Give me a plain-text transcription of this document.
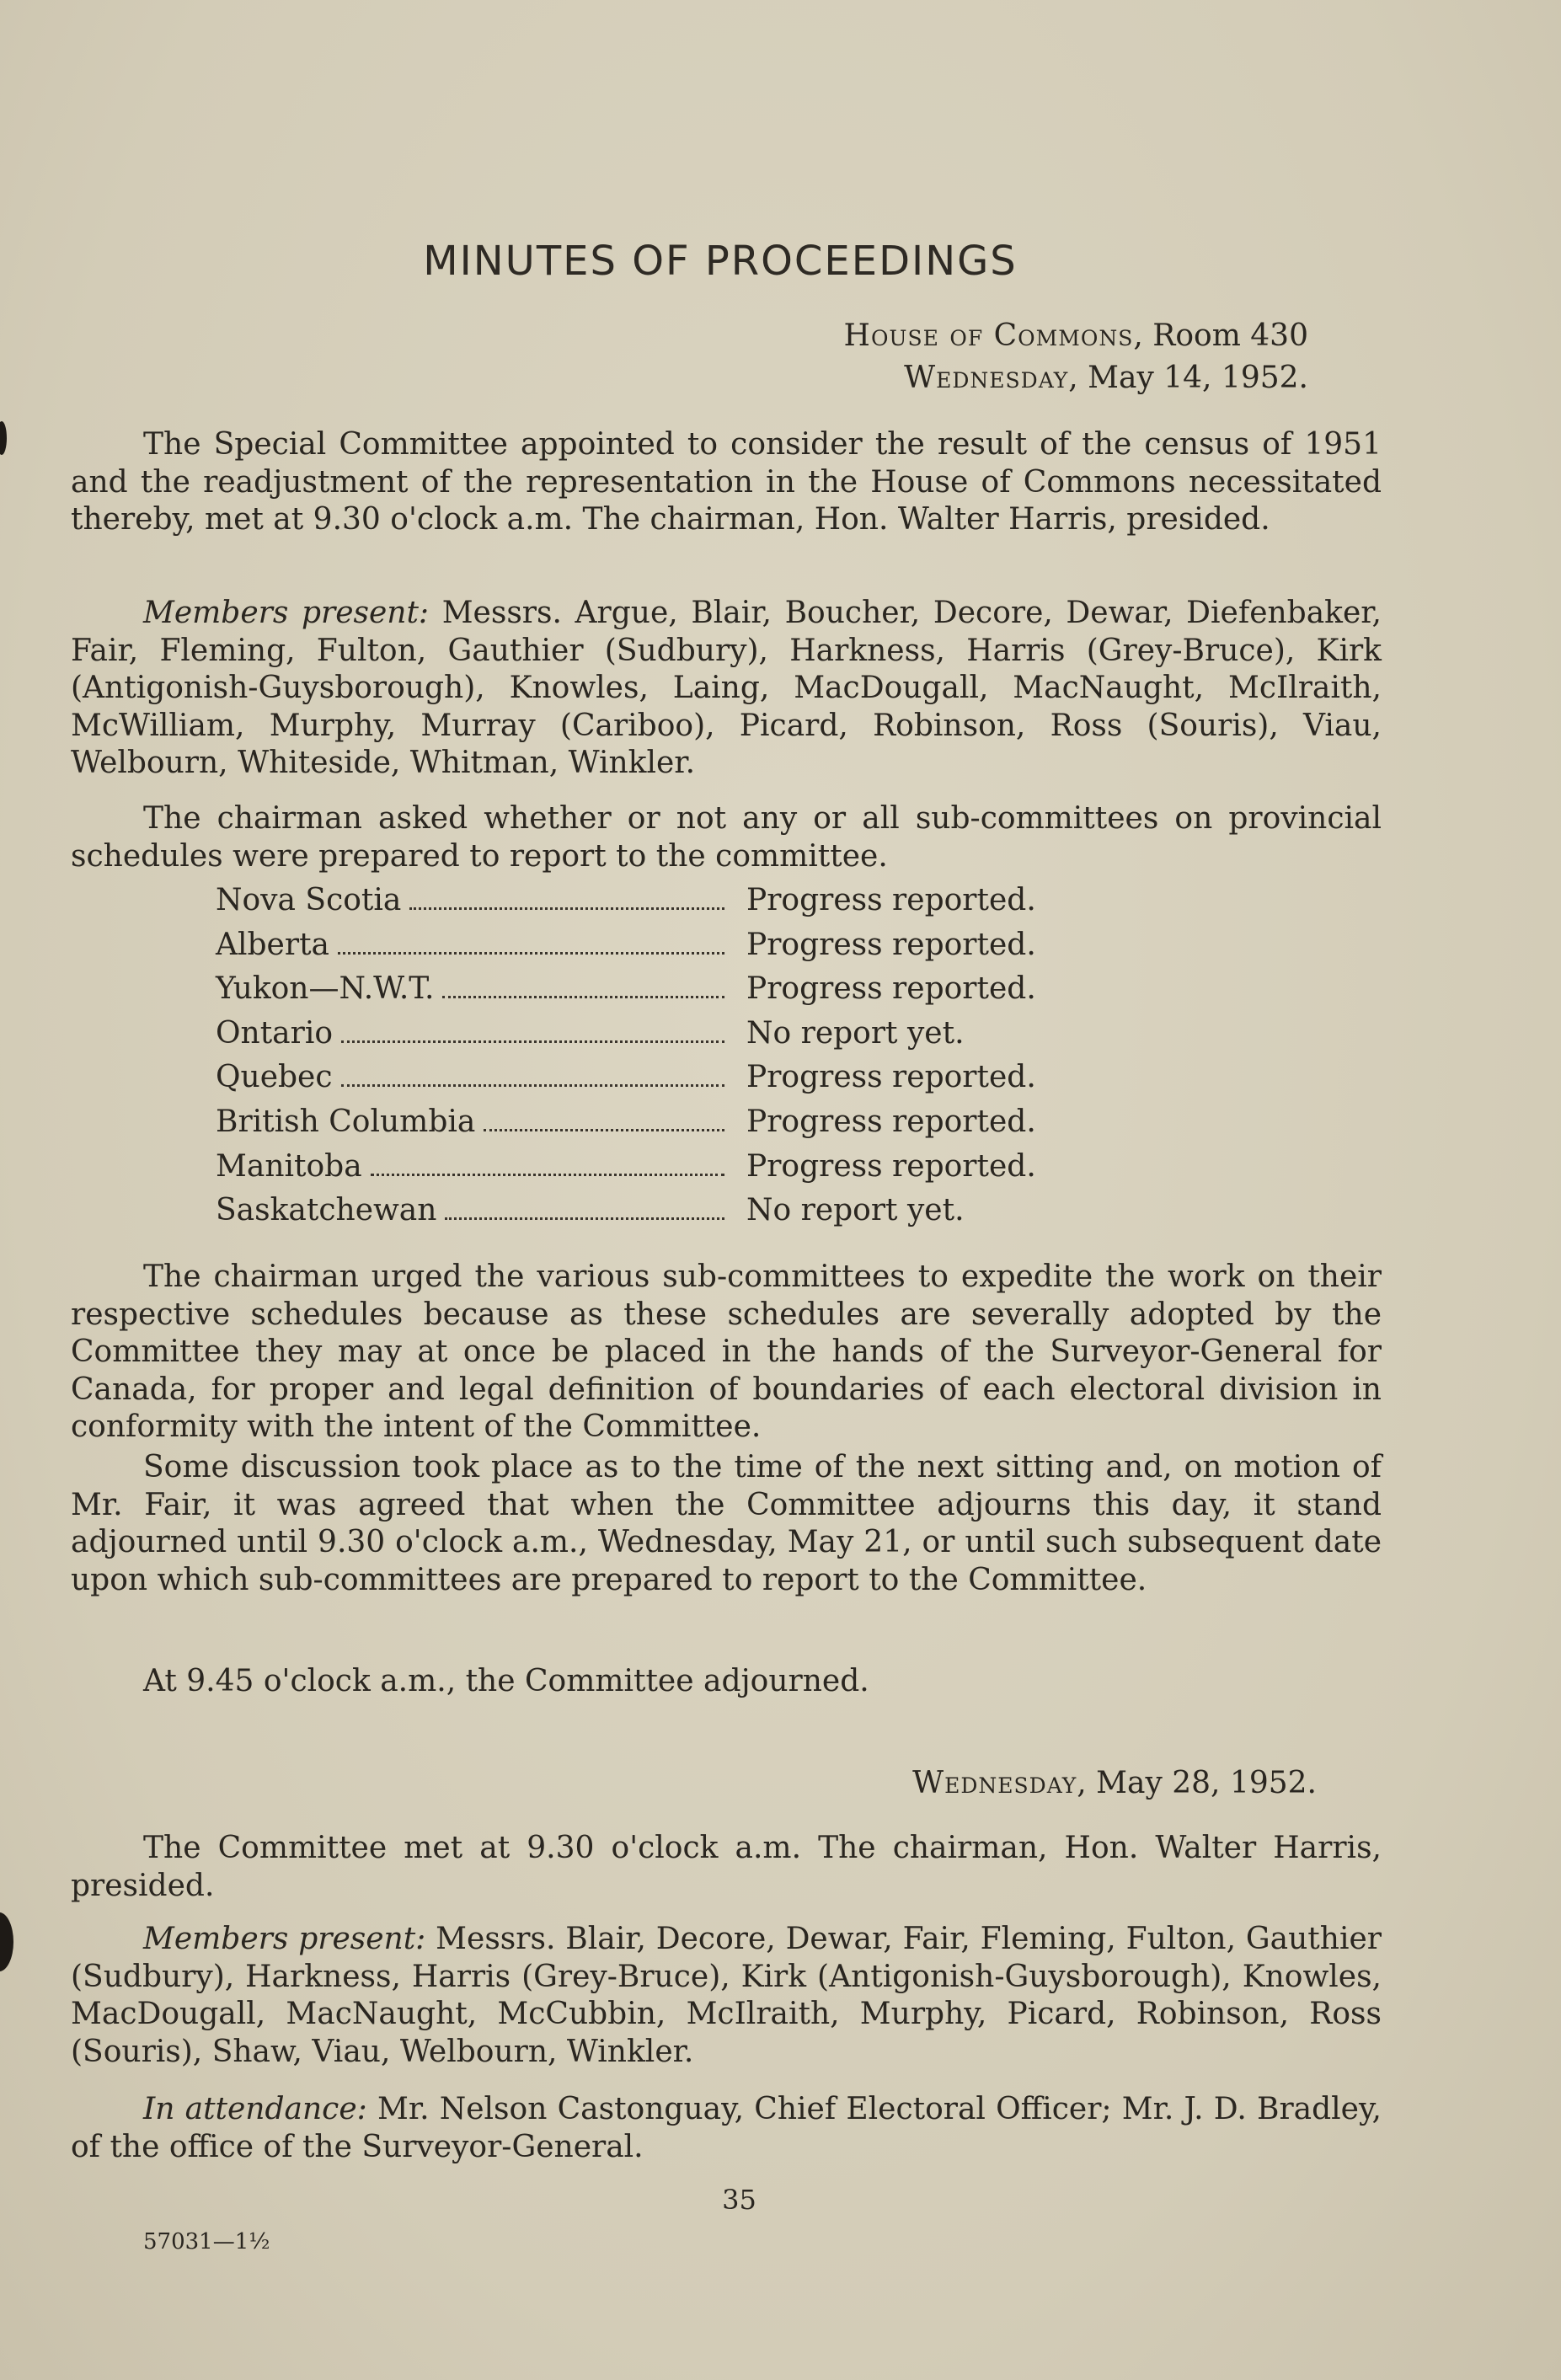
MINUTES OF PROCEEDINGS
House of Commons, Room 430
Wednesday, May 14, 1952.

The Special Committee appointed to consider the result of the census of 1951 and the readjustment of the representation in the House of Commons necessitated thereby, met at 9.30 o'clock a.m. The chairman, Hon. Walter Harris, presided.

Members present: Messrs. Argue, Blair, Boucher, Decore, Dewar, Diefenbaker, Fair, Fleming, Fulton, Gauthier (Sudbury), Harkness, Harris (Grey-Bruce), Kirk (Antigonish-Guysborough), Knowles, Laing, MacDougall, MacNaught, McIlraith, McWilliam, Murphy, Murray (Cariboo), Picard, Robinson, Ross (Souris), Viau, Welbourn, Whiteside, Whitman, Winkler.

The chairman asked whether or not any or all sub-committees on provincial schedules were prepared to report to the committee.

Nova Scotia	Progress reported.
Alberta	Progress reported.
Yukon—N.W.T.	Progress reported.
Ontario	No report yet.
Quebec	Progress reported.
British Columbia	Progress reported.
Manitoba	Progress reported.
Saskatchewan	No report yet.

The chairman urged the various sub-committees to expedite the work on their respective schedules because as these schedules are severally adopted by the Committee they may at once be placed in the hands of the Surveyor-General for Canada, for proper and legal definition of boundaries of each electoral division in conformity with the intent of the Committee.

Some discussion took place as to the time of the next sitting and, on motion of Mr. Fair, it was agreed that when the Committee adjourns this day, it stand adjourned until 9.30 o'clock a.m., Wednesday, May 21, or until such subsequent date upon which sub-committees are prepared to report to the Committee.

At 9.45 o'clock a.m., the Committee adjourned.

Wednesday, May 28, 1952.

The Committee met at 9.30 o'clock a.m. The chairman, Hon. Walter Harris, presided.

Members present: Messrs. Blair, Decore, Dewar, Fair, Fleming, Fulton, Gauthier (Sudbury), Harkness, Harris (Grey-Bruce), Kirk (Antigonish-Guysborough), Knowles, MacDougall, MacNaught, McCubbin, McIlraith, Murphy, Picard, Robinson, Ross (Souris), Shaw, Viau, Welbourn, Winkler.

In attendance: Mr. Nelson Castonguay, Chief Electoral Officer; Mr. J. D. Bradley, of the office of the Surveyor-General.

35
57031—1½
